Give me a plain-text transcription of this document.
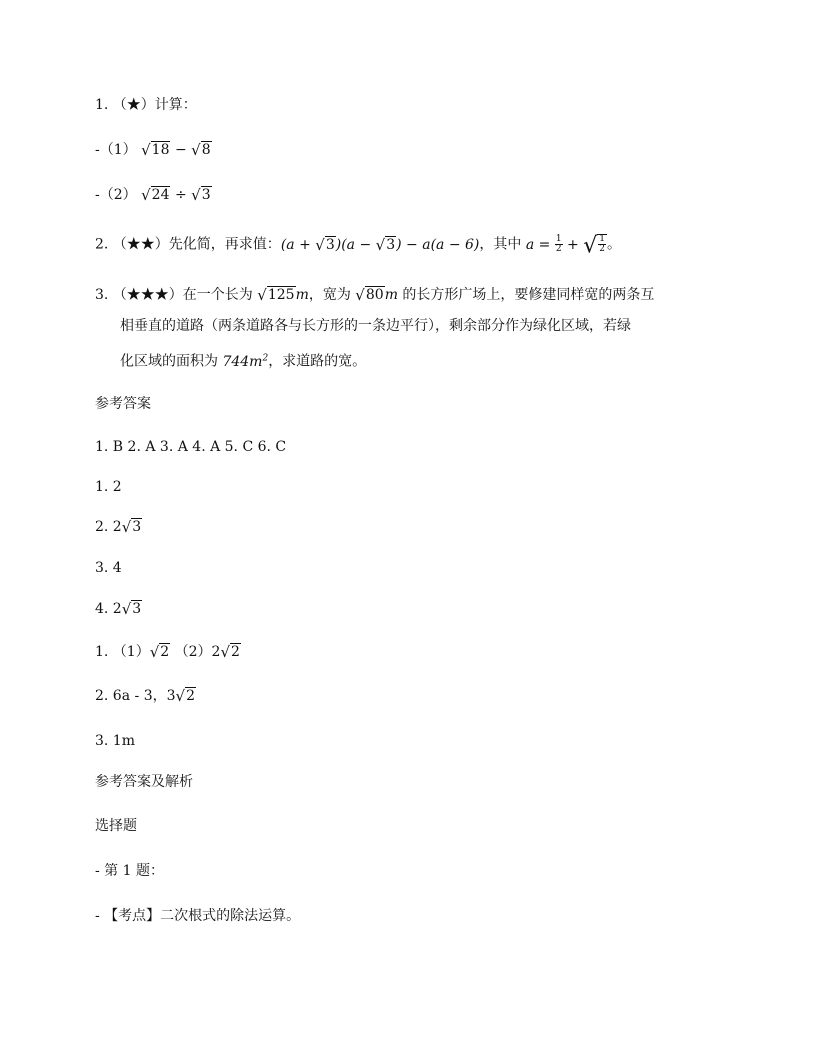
1. （★）计算：
-（1） √18 − √8
-（2） √24 ÷ √3
2. （★★）先化简，再求值：(a + √3)(a − √3) − a(a − 6)，其中 $a = \frac{1}{2}$ + √ $\frac{1}{2}$ 。
3. （★★★）在一个长为 √125m，宽为 √80m 的长方形广场上，要修建同样宽的两条互
相垂直的道路（两条道路各与长方形的一条边平行），剩余部分作为绿化区域，若绿
化区域的面积为 $744m^2$，求道路的宽。
参考答案
1. B 2. A 3. A 4. A 5. C 6. C
1. 2
2. 2√3
3. 4
4. 2√3
1. （1）√2 （2）2√2
2. 6a - 3，3√2
3. 1m
参考答案及解析
选择题
- 第 1 题：
- 【考点】二次根式的除法运算。
